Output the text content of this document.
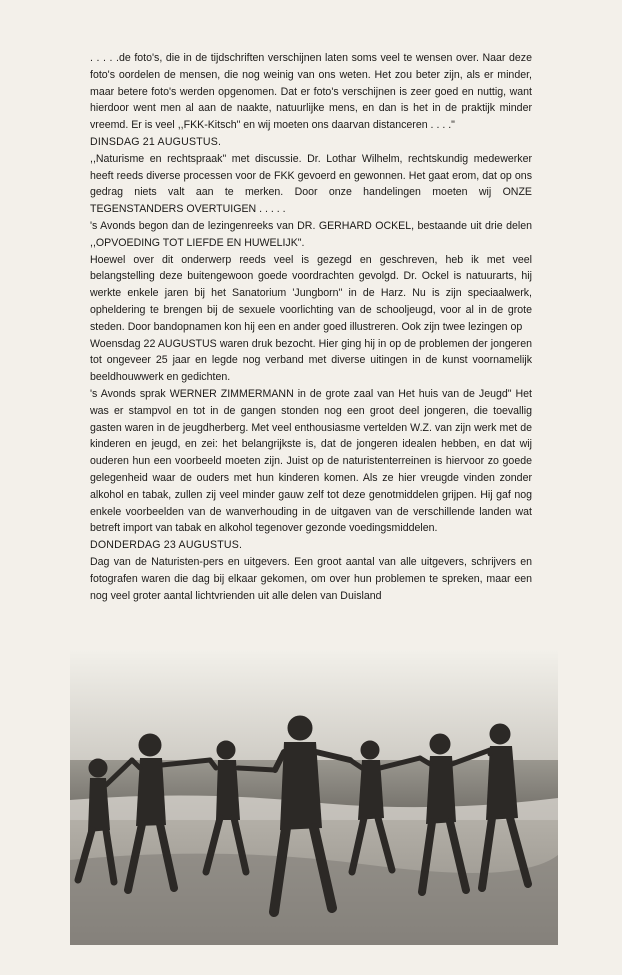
. . . . .de foto's, die in de tijdschriften verschijnen laten soms veel te wensen over. Naar deze foto's oordelen de mensen, die nog weinig van ons weten. Het zou beter zijn, als er minder, maar betere foto's werden opgenomen. Dat er foto's verschijnen is zeer goed en nuttig, want hierdoor went men al aan de naakte, natuurlijke mens, en dan is het in de praktijk minder vreemd. Er is veel ,,FKK-Kitsch" en wij moeten ons daarvan distanceren . . . ."

DINSDAG 21 AUGUSTUS.

,,Naturisme en rechtspraak" met discussie. Dr. Lothar Wilhelm, rechtskundig medewerker heeft reeds diverse processen voor de FKK gevoerd en gewonnen. Het gaat erom, dat op ons gedrag niets valt aan te merken. Door onze handelingen moeten wij ONZE TEGENSTANDERS OVERTUIGEN . . . . .

's Avonds begon dan de lezingenreeks van DR. GERHARD OCKEL, bestaande uit drie delen ,,OPVOEDING TOT LIEFDE EN HUWELIJK".

Hoewel over dit onderwerp reeds veel is gezegd en geschreven, heb ik met veel belangstelling deze buitengewoon goede voordrachten gevolgd. Dr. Ockel is natuurarts, hij werkte enkele jaren bij het Sanatorium 'Jungborn" in de Harz. Nu is zijn speciaalwerk, opheldering te brengen bij de sexuele voorlichting van de schooljeugd, voor al in de grote steden. Door bandopnamen kon hij een en ander goed illustreren. Ook zijn twee lezingen op

Woensdag 22 AUGUSTUS waren druk bezocht. Hier ging hij in op de problemen der jongeren tot ongeveer 25 jaar en legde nog verband met diverse uitingen in de kunst voornamelijk beeldhouwwerk en gedichten.

's Avonds sprak WERNER ZIMMERMANN in de grote zaal van Het huis van de Jeugd" Het was er stampvol en tot in de gangen stonden nog een groot deel jongeren, die toevallig gasten waren in de jeugdherberg. Met veel enthousiasme vertelden W.Z. van zijn werk met de kinderen en jeugd, en zei: het belangrijkste is, dat de jongeren idealen hebben, en dat wij ouderen hun een voorbeeld moeten zijn. Juist op de naturistenterreinen is hiervoor zo goede gelegenheid waar de ouders met hun kinderen komen. Als ze hier vreugde vinden zonder alkohol en tabak, zullen zij veel minder gauw zelf tot deze genotmiddelen grijpen. Hij gaf nog enkele voorbeelden van de wanverhouding in de uitgaven van de verschillende landen wat betreft import van tabak en alkohol tegenover gezonde voedingsmiddelen.

DONDERDAG 23 AUGUSTUS.

Dag van de Naturisten-pers en uitgevers. Een groot aantal van alle uitgevers, schrijvers en fotografen waren die dag bij elkaar gekomen, om over hun problemen te spreken, maar een nog veel groter aantal lichtvrienden uit alle delen van Duisland
